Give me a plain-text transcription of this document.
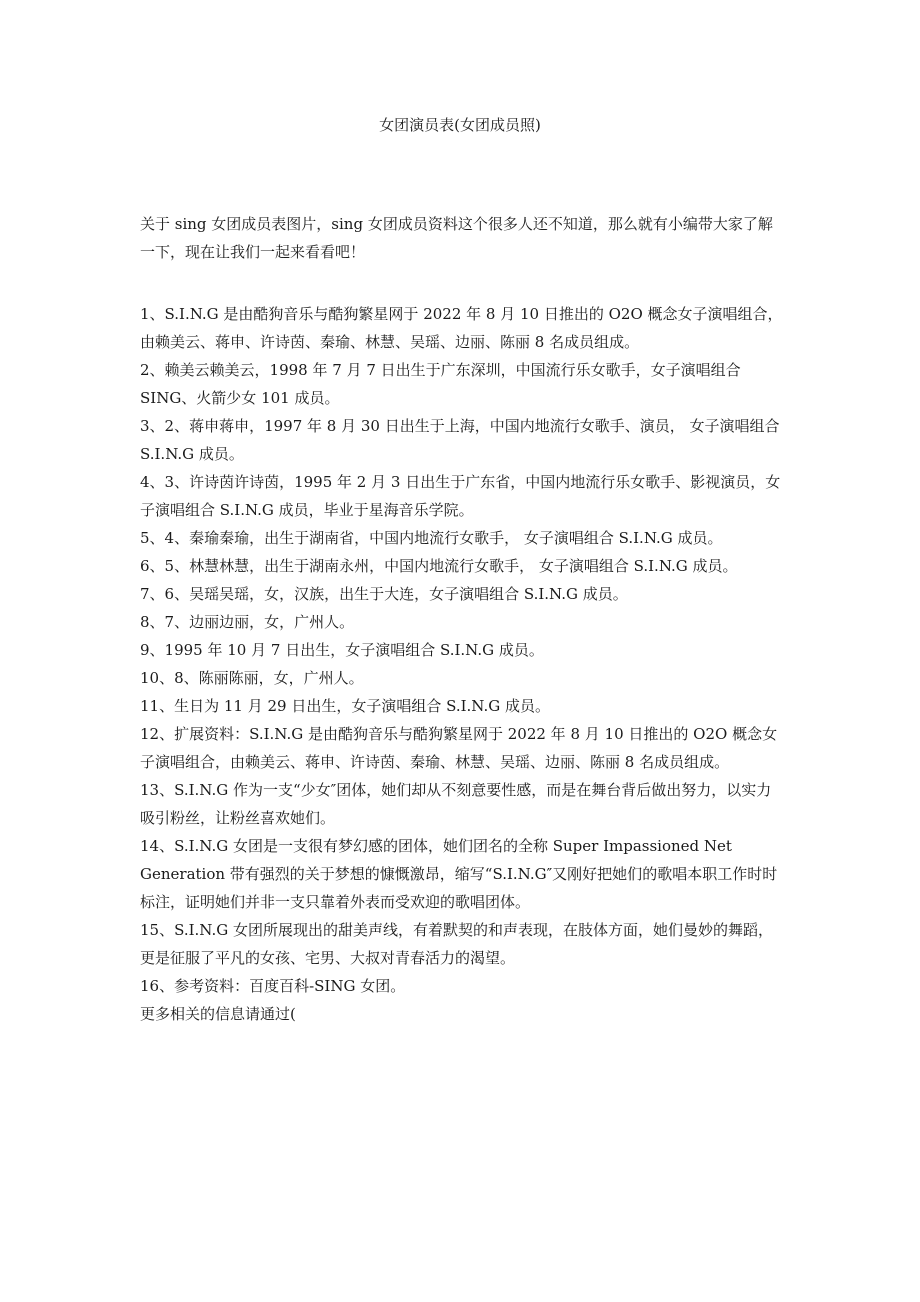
女团演员表(女团成员照)

关于 sing 女团成员表图片，sing 女团成员资料这个很多人还不知道，那么就有小编带大家了解一下，现在让我们一起来看看吧！

1、S.I.N.G 是由酷狗音乐与酷狗繁星网于 2022 年 8 月 10 日推出的 O2O 概念女子演唱组合，由赖美云、蒋申、许诗茵、秦瑜、林慧、吴瑶、边丽、陈丽 8 名成员组成。

2、赖美云赖美云，1998 年 7 月 7 日出生于广东深圳，中国流行乐女歌手，女子演唱组合 SING、火箭少女 101 成员。

3、2、蒋申蒋申，1997 年 8 月 30 日出生于上海，中国内地流行女歌手、演员， 女子演唱组合 S.I.N.G 成员。

4、3、许诗茵许诗茵，1995 年 2 月 3 日出生于广东省，中国内地流行乐女歌手、影视演员，女子演唱组合 S.I.N.G 成员，毕业于星海音乐学院。

5、4、秦瑜秦瑜，出生于湖南省，中国内地流行女歌手， 女子演唱组合 S.I.N.G 成员。

6、5、林慧林慧，出生于湖南永州，中国内地流行女歌手， 女子演唱组合 S.I.N.G 成员。

7、6、吴瑶吴瑶，女，汉族，出生于大连，女子演唱组合 S.I.N.G 成员。

8、7、边丽边丽，女，广州人。

9、1995 年 10 月 7 日出生，女子演唱组合 S.I.N.G 成员。

10、8、陈丽陈丽，女，广州人。

11、生日为 11 月 29 日出生，女子演唱组合 S.I.N.G 成员。

12、扩展资料：S.I.N.G 是由酷狗音乐与酷狗繁星网于 2022 年 8 月 10 日推出的 O2O 概念女子演唱组合，由赖美云、蒋申、许诗茵、秦瑜、林慧、吴瑶、边丽、陈丽 8 名成员组成。

13、S.I.N.G 作为一支“少女″团体，她们却从不刻意要性感，而是在舞台背后做出努力，以实力吸引粉丝，让粉丝喜欢她们。

14、S.I.N.G 女团是一支很有梦幻感的团体，她们团名的全称 Super Impassioned Net Generation 带有强烈的关于梦想的慷慨激昂，缩写“S.I.N.G″又刚好把她们的歌唱本职工作时时标注，证明她们并非一支只靠着外表而受欢迎的歌唱团体。

15、S.I.N.G 女团所展现出的甜美声线，有着默契的和声表现，在肢体方面，她们曼妙的舞蹈，更是征服了平凡的女孩、宅男、大叔对青春活力的渴望。

16、参考资料：百度百科-SING 女团。

更多相关的信息请通过(
